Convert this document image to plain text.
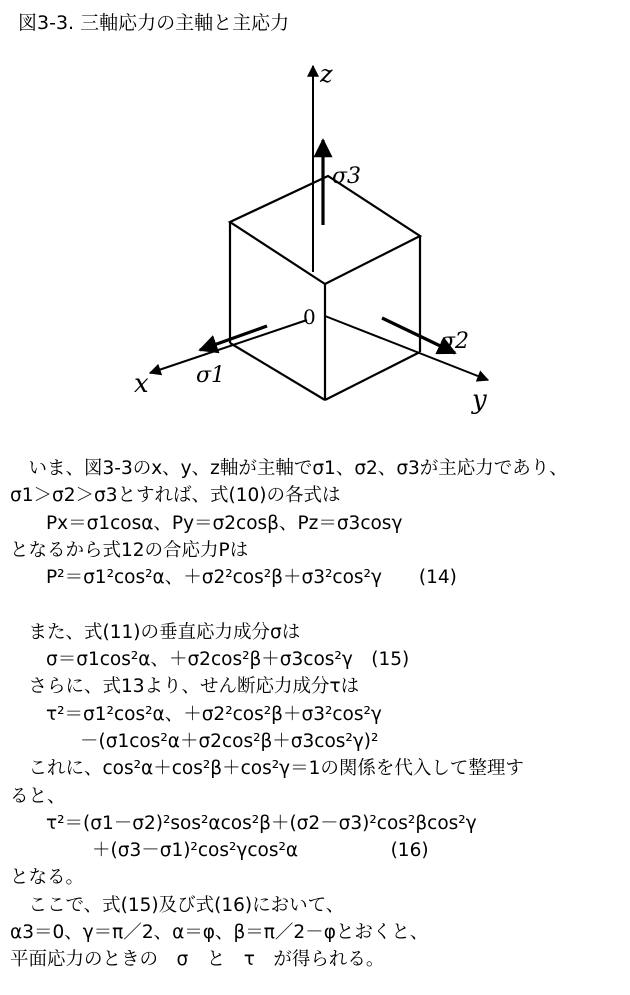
図3-3. 三軸応力の主軸と主応力
z
x
y
0
σ3
σ1
σ2
　いま、図3-3のx、y、z軸が主軸でσ1、σ2、σ3が主応力であり、
σ1＞σ2＞σ3とすれば、式(10)の各式は
Px＝σ1cosα、Py＝σ2cosβ、Pz＝σ3cosγ
となるから式12の合応力Pは
P²＝σ1²cos²α、＋σ2²cos²β＋σ3²cos²γ　　(14)
　また、式(11)の垂直応力成分σは
σ＝σ1cos²α、＋σ2cos²β＋σ3cos²γ　(15)
　さらに、式13より、せん断応力成分τは
τ²＝σ1²cos²α、＋σ2²cos²β＋σ3²cos²γ
－(σ1cos²α＋σ2cos²β＋σ3cos²γ)²
　これに、cos²α＋cos²β＋cos²γ＝1の関係を代入して整理す
ると、
τ²＝(σ1－σ2)²sos²αcos²β＋(σ2－σ3)²cos²βcos²γ
＋(σ3－σ1)²cos²γcos²α　　　　　(16)
となる。
　ここで、式(15)及び式(16)において、
α3＝0、γ＝π／2、α＝φ、β＝π／2－φとおくと、
平面応力のときの　σ　と　τ　が得られる。
